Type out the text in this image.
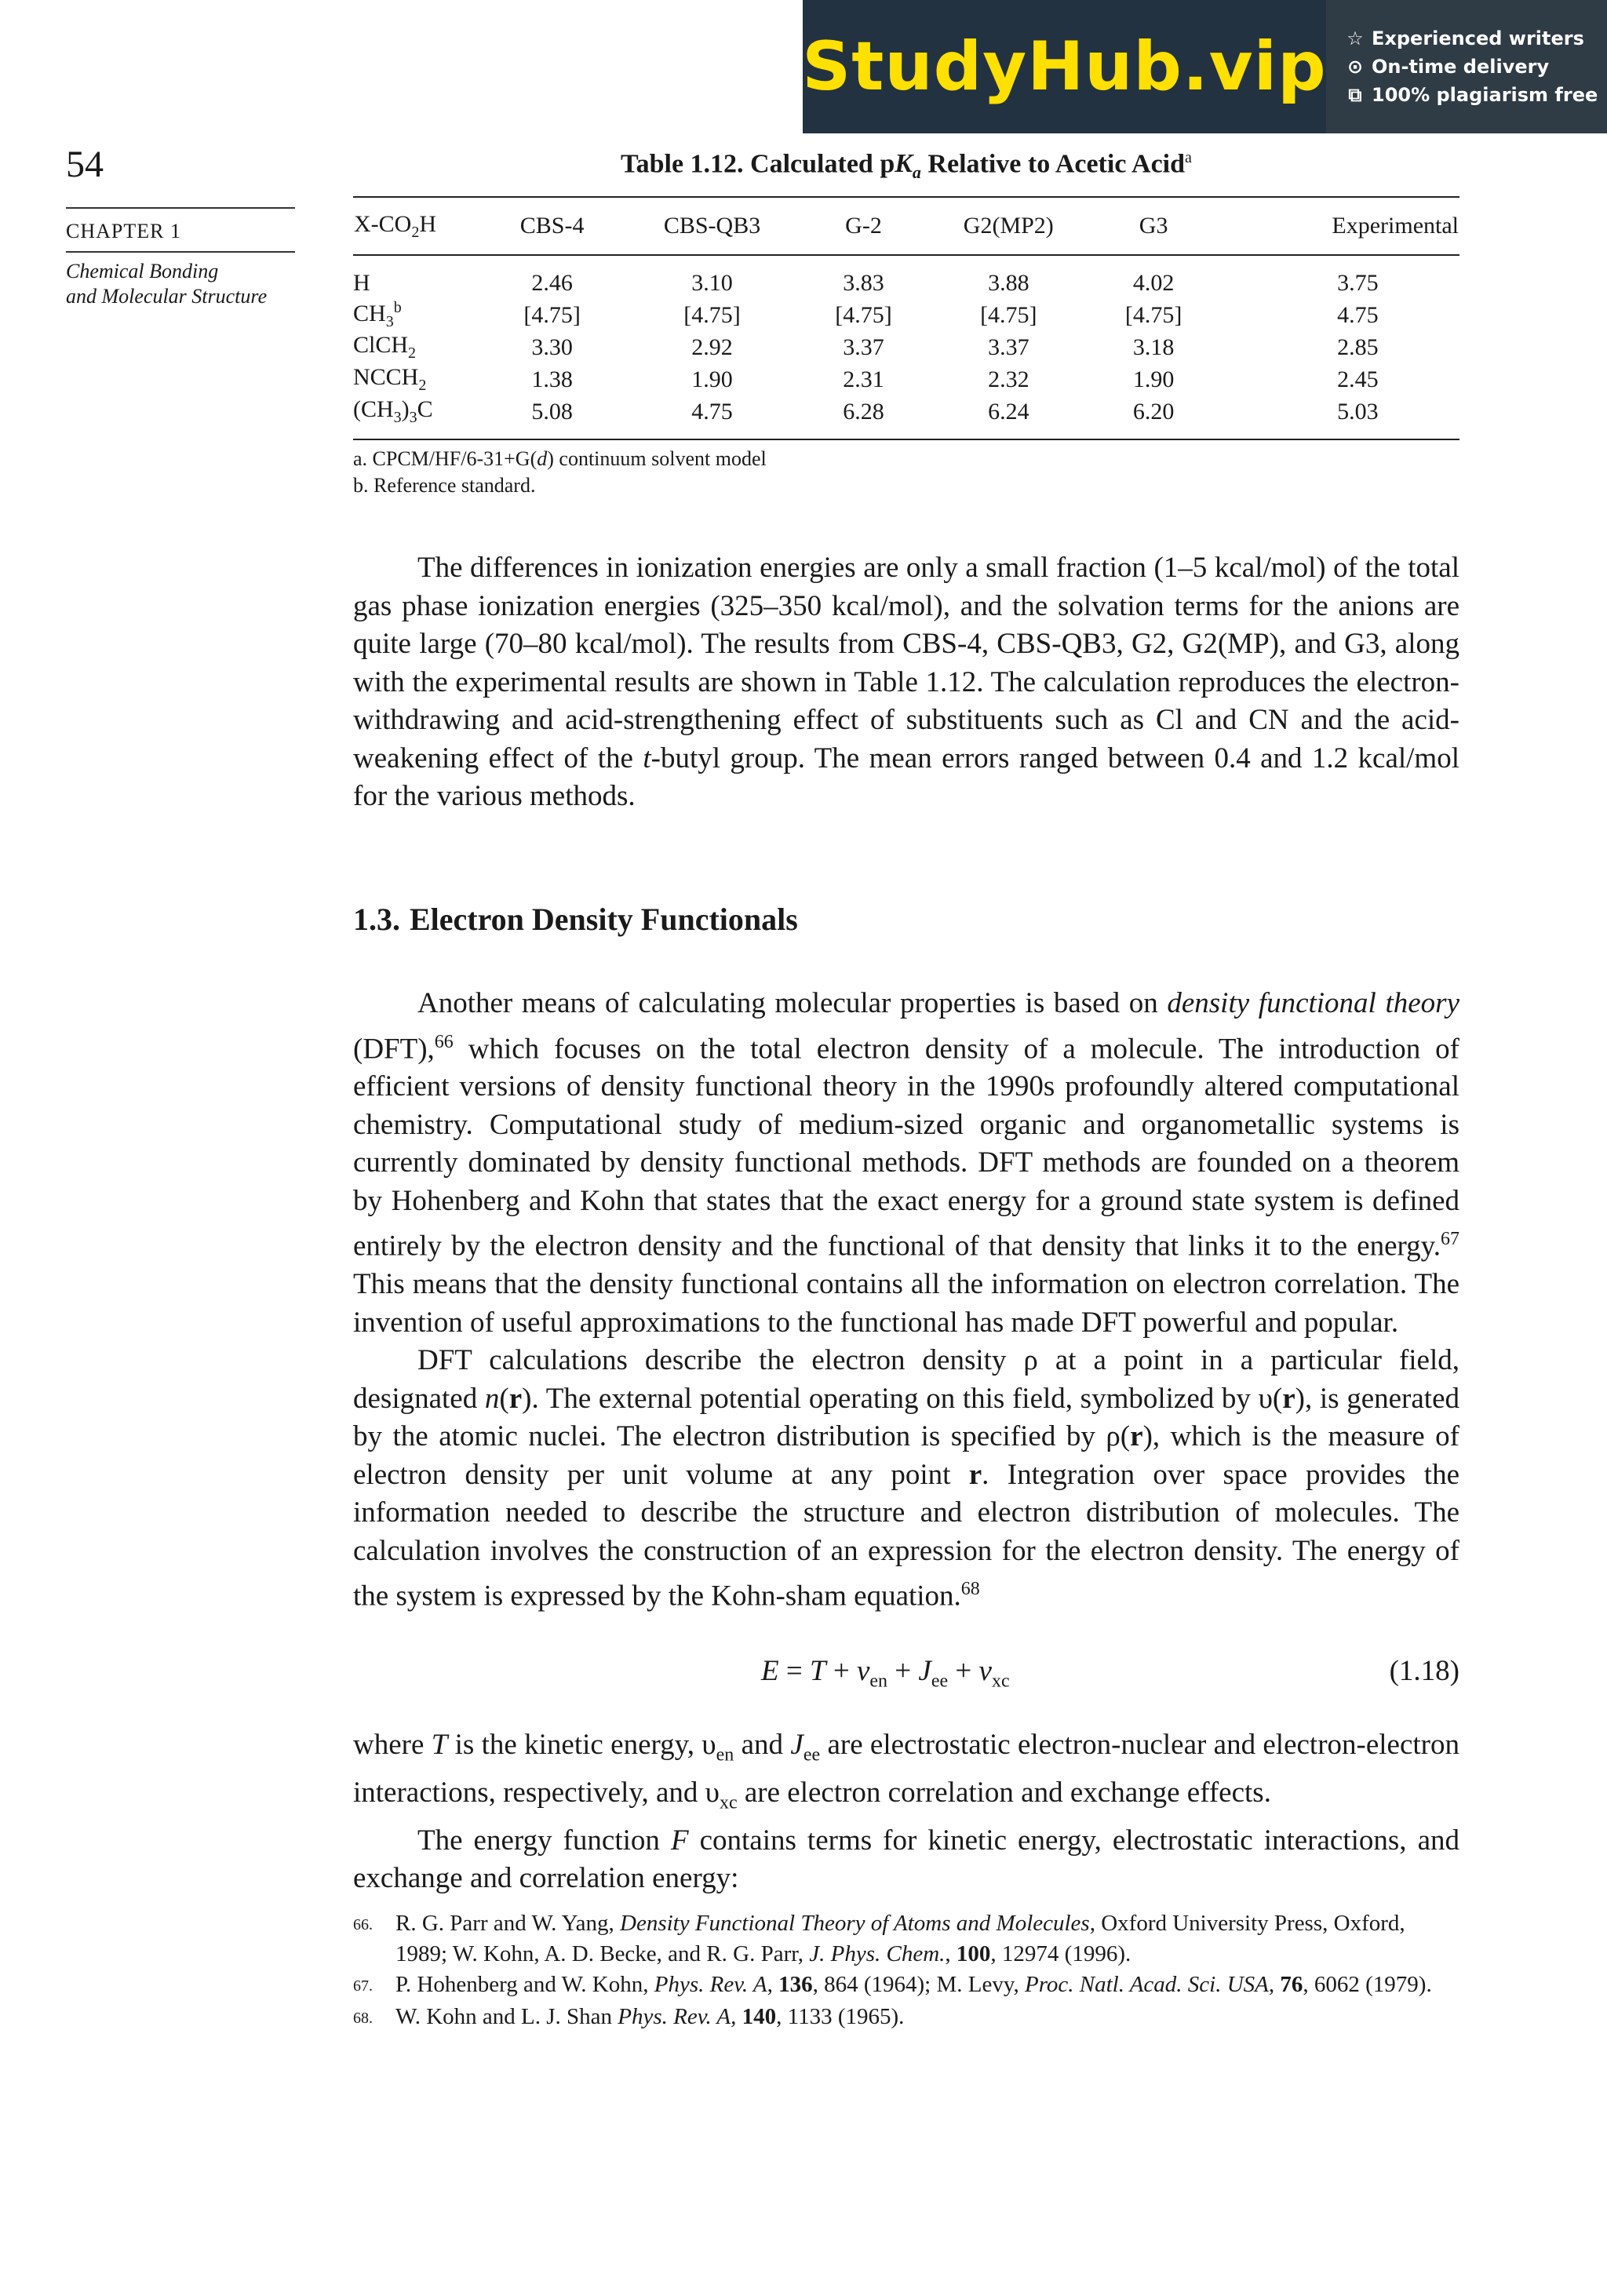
StudyHub.vip ☆ Experienced writers
⊙ On-time delivery
⧉ 100% plagiarism free
54
CHAPTER 1
Chemical Bonding
and Molecular Structure
Table 1.12. Calculated $pK_a$ Relative to Acetic Acid$^a$
$X-CO_2H$	CBS-4	CBS-QB3	G-2	G2(MP2)	G3	Experimental
H	2.46	3.10	3.83	3.88	4.02	3.75
$CH_3^b$	[4.75]	[4.75]	[4.75]	[4.75]	[4.75]	4.75
ClCH$_2$	3.30	2.92	3.37	3.37	3.18	2.85
$NCCH_2$	1.38	1.90	2.31	2.32	1.90	2.45
$(CH_3)_3C$	5.08	4.75	6.28	6.24	6.20	5.03
a. CPCM/HF/6-31+G(d) continuum solvent model
b. Reference standard.

The differences in ionization energies are only a small fraction (1–5 kcal/mol) of the total gas phase ionization energies (325–350 kcal/mol), and the solvation terms for the anions are quite large (70–80 kcal/mol). The results from CBS-4, CBS-QB3, G2, G2(MP), and G3, along with the experimental results are shown in Table 1.12. The calculation reproduces the electron-withdrawing and acid-strengthening effect of substituents such as Cl and CN and the acid-weakening effect of the t-butyl group. The mean errors ranged between 0.4 and 1.2 kcal/mol for the various methods.

1.3. Electron Density Functionals

Another means of calculating molecular properties is based on density functional theory (DFT),$^{66}$ which focuses on the total electron density of a molecule. The introduction of efficient versions of density functional theory in the 1990s profoundly altered computational chemistry. Computational study of medium-sized organic and organometallic systems is currently dominated by density functional methods. DFT methods are founded on a theorem by Hohenberg and Kohn that states that the exact energy for a ground state system is defined entirely by the electron density and the functional of that density that links it to the energy.$^{67}$ This means that the density functional contains all the information on electron correlation. The invention of useful approximations to the functional has made DFT powerful and popular.

DFT calculations describe the electron density ρ at a point in a particular field, designated n(r). The external potential operating on this field, symbolized by υ(r), is generated by the atomic nuclei. The electron distribution is specified by ρ(r), which is the measure of electron density per unit volume at any point r. Integration over space provides the information needed to describe the structure and electron distribution of molecules. The calculation involves the construction of an expression for the electron density. The energy of the system is expressed by the Kohn-sham equation.$^{68}$

$E = T + \nu_{en} + J_{ee} + \nu_{xc}$	(1.18)

where T is the kinetic energy, $\upsilon_{en}$ and $J_{ee}$ are electrostatic electron-nuclear and electron-electron interactions, respectively, and $\upsilon_{xc}$ are electron correlation and exchange effects.

The energy function F contains terms for kinetic energy, electrostatic interactions, and exchange and correlation energy:

66.	R. G. Parr and W. Yang, Density Functional Theory of Atoms and Molecules, Oxford University Press, Oxford, 1989; W. Kohn, A. D. Becke, and R. G. Parr, J. Phys. Chem., 100, 12974 (1996).
67.	P. Hohenberg and W. Kohn, Phys. Rev. A, 136, 864 (1964); M. Levy, Proc. Natl. Acad. Sci. USA, 76, 6062 (1979).
68.	W. Kohn and L. J. Shan Phys. Rev. A, 140, 1133 (1965).
